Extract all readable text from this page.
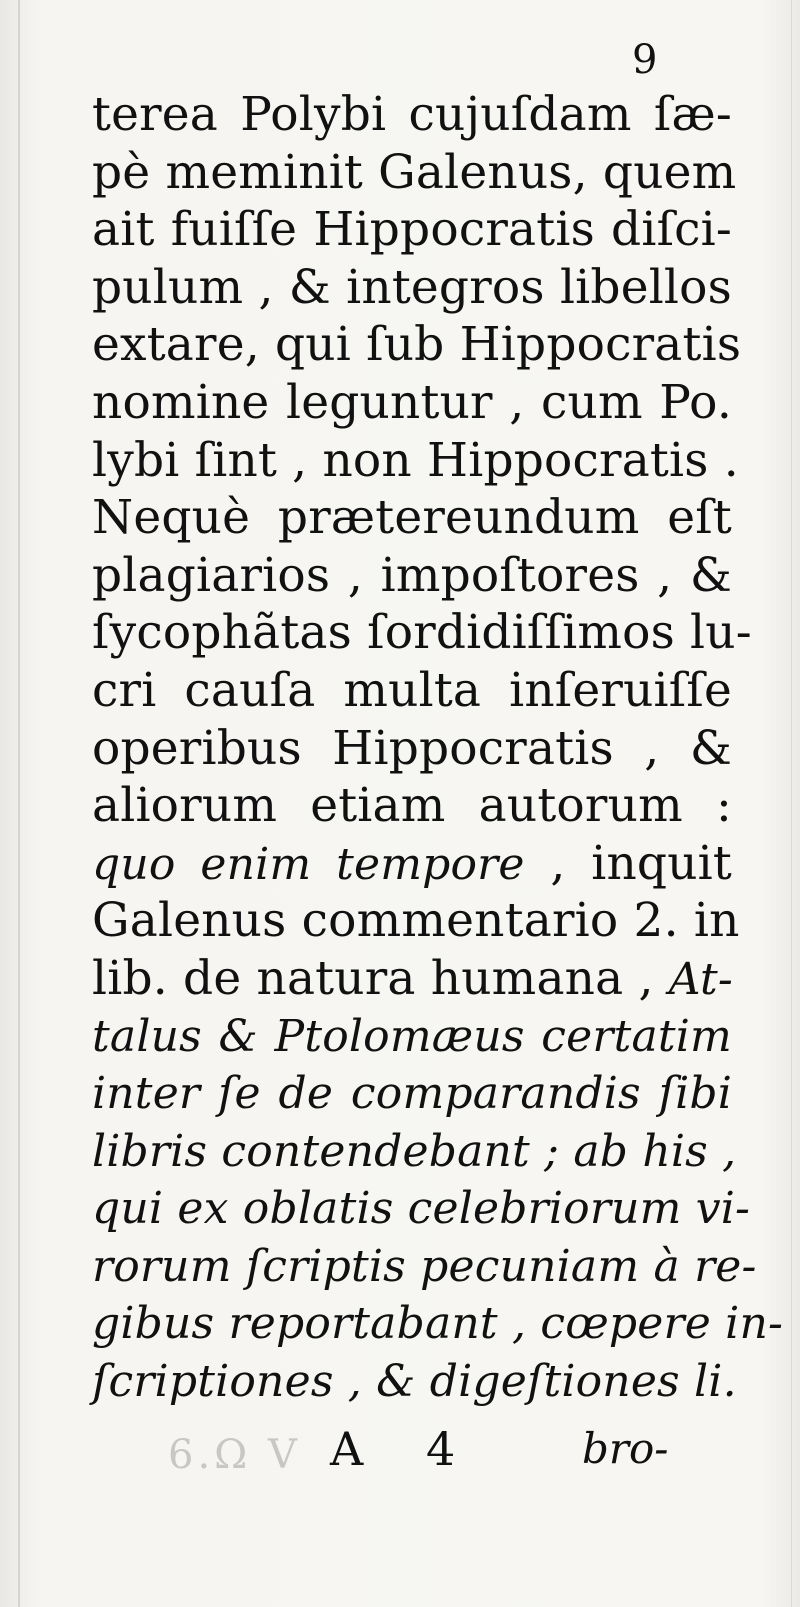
9
terea Polybi cujuſdam ſæ-
pè meminit Galenus, quem
ait fuiſſe Hippocratis diſci-
pulum , & integros libellos
extare, qui ſub Hippocratis
nomine leguntur , cum Po.
lybi ſint , non Hippocratis .
Nequè prætereundum eſt
plagiarios , impoſtores , &
ſycophãtas ſordidiſſimos lu-
cri cauſa multa inſeruiſſe
operibus Hippocratis , &
aliorum etiam autorum :
quo enim tempore , inquit
Galenus commentario 2. in
lib. de natura humana , At-
talus & Ptolomæus certatim
inter ſe de comparandis ſibi
libris contendebant ; ab his ,
qui ex oblatis celebriorum vi-
rorum ſcriptis pecuniam à re-
gibus reportabant , cœpere in-
ſcriptiones , & digeſtiones li.
6.Ω V A 4	bro-
